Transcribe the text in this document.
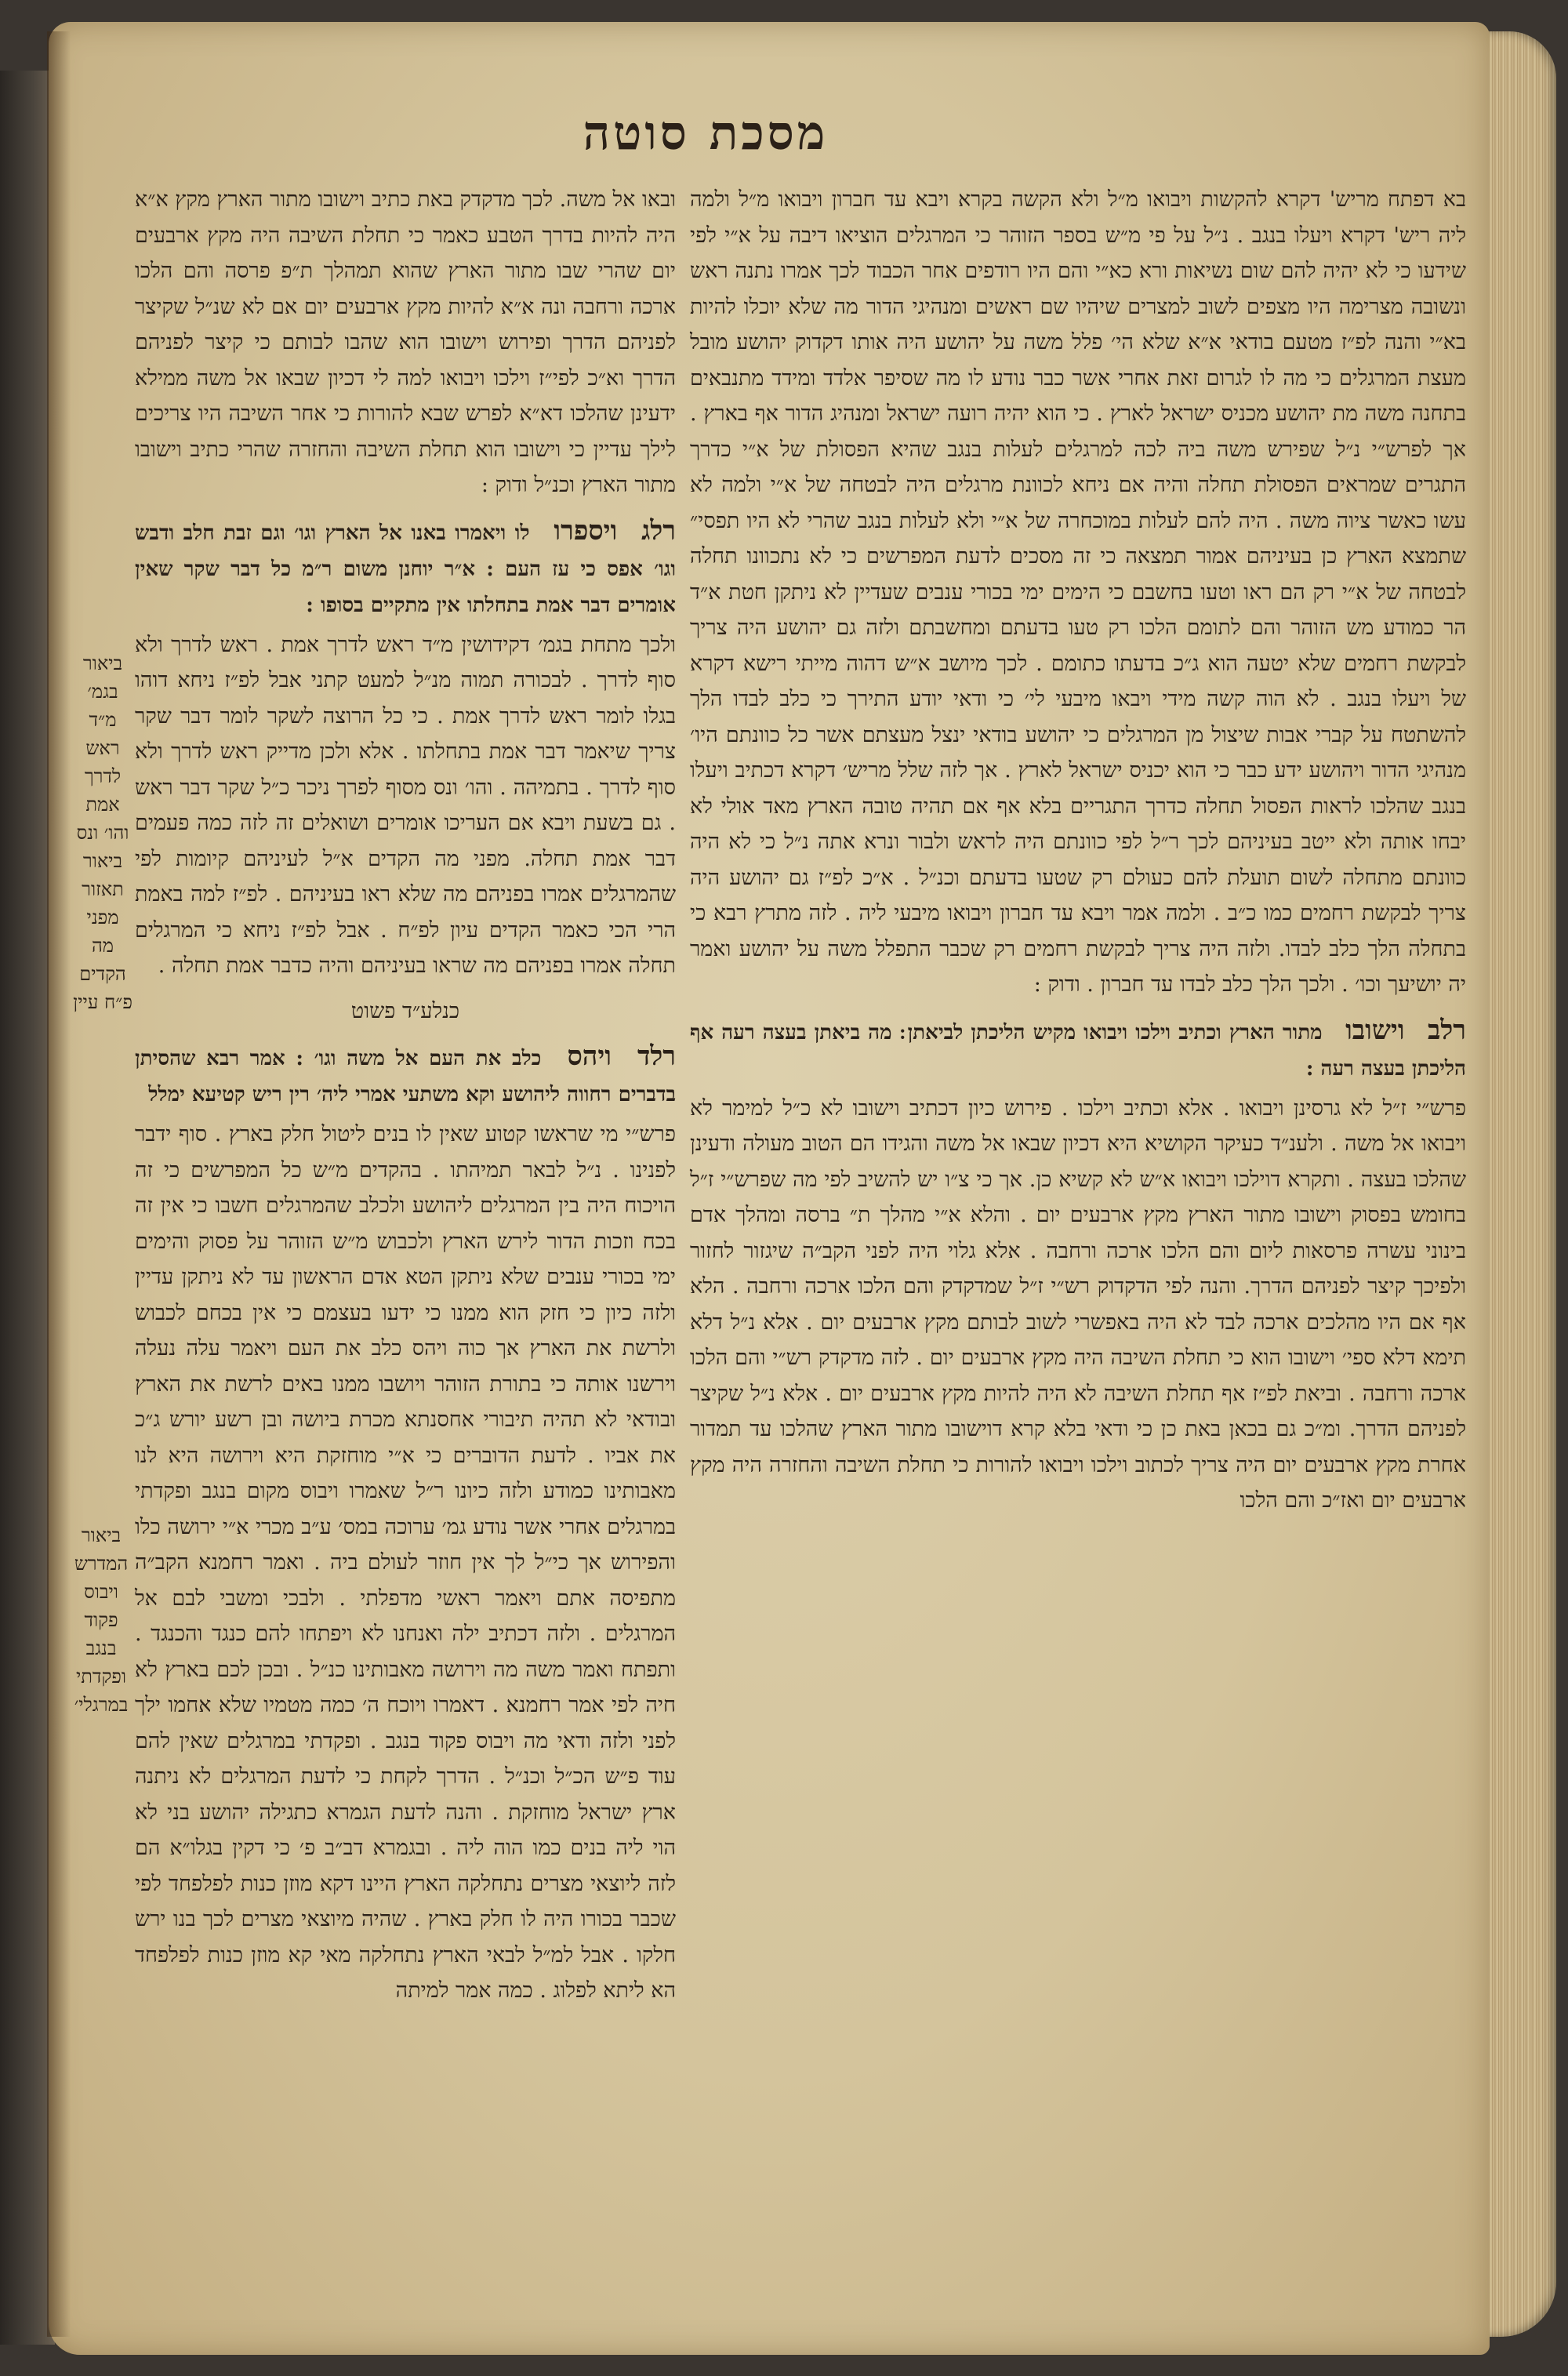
מסכת סוטה

בא דפתח מריש' דקרא להקשות ויבואו מ״ל ולא הקשה בקרא ויבא עד חברון ויבואו מ״ל ולמה ליה ריש' דקרא ויעלו בנגב . נ״ל על פי מ״ש בספר הזוהר כי המרגלים הוציאו דיבה על א״י לפי שידעו כי לא יהיה להם שום נשיאות ורא כא״י והם היו רודפים אחר הכבוד לכך אמרו נתנה ראש ונשובה מצרימה היו מצפים לשוב למצרים שיהיו שם ראשים ומנהיגי הדור מה שלא יוכלו להיות בא״י והנה לפ״ז מטעם בודאי א״א שלא הי׳ פלל משה על יהושע היה אותו דקדוק יהושע מובל מעצת המרגלים כי מה לו לגרום זאת אחרי אשר כבר נודע לו מה שסיפר אלדד ומידד מתנבאים בתחנה משה מת יהושע מכניס ישראל לארץ . כי הוא יהיה רועה ישראל ומנהיג הדור אף בארץ . אך לפרש״י נ״ל שפירש משה ביה לכה למרגלים לעלות בנגב שהיא הפסולת של א״י כדרך התגרים שמראים הפסולת תחלה והיה אם ניחא לכוונת מרגלים היה לבטחה של א״י ולמה לא עשו כאשר ציוה משה . היה להם לעלות במוכחרה של א״י ולא לעלות בנגב שהרי לא היו תפסי״ שתמצא הארץ כן בעיניהם אמור תמצאה כי זה מסכים לדעת המפרשים כי לא נתכוונו תחלה לבטחה של א״י רק הם ראו וטעו בחשבם כי הימים ימי בכורי ענבים שעדיין לא ניתקן חטת א״ד הר כמודע מש הזוהר והם לתומם הלכו רק טעו בדעתם ומחשבתם ולזה גם יהושע היה צריך לבקשת רחמים שלא יטעה הוא ג״כ בדעתו כתומם . לכך מיושב א״ש דהוה מייתי רישא דקרא של ויעלו בנגב . לא הוה קשה מידי ויבאו מיבעי לי׳ כי ודאי יודע התירך כי כלב לבדו הלך להשתטח על קברי אבות שיצול מן המרגלים כי יהושע בודאי ינצל מעצתם אשר כל כוונתם היו׳ מנהיגי הדור ויהושע ידע כבר כי הוא יכניס ישראל לארץ . אך לזה שלל מריש׳ דקרא דכתיב ויעלו בנגב שהלכו לראות הפסול תחלה כדרך התגריים בלא אף אם תהיה טובה הארץ מאד אולי לא יבחו אותה ולא ייטב בעיניהם לכך ר״ל לפי כוונתם היה לראש ולבור ונרא אתה נ״ל כי לא היה כוונתם מתחלה לשום תועלת להם כעולם רק שטעו בדעתם וכנ״ל . א״כ לפ״ז גם יהושע היה צריך לבקשת רחמים כמו כ״ב . ולמה אמר ויבא עד חברון ויבואו מיבעי ליה . לזה מתרץ רבא כי בתחלה הלך כלב לבדו. ולזה היה צריך לבקשת רחמים רק שכבר התפלל משה על יהושע ואמר יה יושיעך וכו׳ . ולכך הלך כלב לבדו עד חברון . ודוק :

רלב וישובו מתור הארץ וכתיב וילכו ויבואו מקיש הליכתן לביאתן ׃ מה ביאתן בעצה רעה אף הליכתן בעצה רעה :

פרש״י ז״ל לא גרסינן ויבואו . אלא וכתיב וילכו . פירוש כיון דכתיב וישובו לא כ״ל למימר לא ויבואו אל משה . ולענ״ד כעיקר הקושיא היא דכיון שבאו אל משה והגידו הם הטוב מעולה ודעינן שהלכו בעצה . ותקרא דוילכו ויבואו א״ש לא קשיא כן. אך כי צ״ו יש להשיב לפי מה שפרש״י ז״ל בחומש בפסוק וישובו מתור הארץ מקץ ארבעים יום . והלא א״י מהלך ת״ ברסה ומהלך אדם בינוני עשרה פרסאות ליום והם הלכו ארכה ורחבה . אלא גלוי היה לפני הקב״ה שיגזור לחזור ולפיכך קיצר לפניהם הדרך. והנה לפי הדקדוק רש״י ז״ל שמדקדק והם הלכו ארכה ורחבה . הלא אף אם היו מהלכים ארכה לבד לא היה באפשרי לשוב לבותם מקץ ארבעים יום . אלא נ״ל דלא תימא דלא ספי׳ וישובו הוא כי תחלת השיבה היה מקץ ארבעים יום . לזה מדקדק רש״י והם הלכו ארכה ורחבה . וביאת לפ״ז אף תחלת השיבה לא היה להיות מקץ ארבעים יום . אלא נ״ל שקיצר לפניהם הדרך. ומ״כ גם בכאן באת כן כי ודאי בלא קרא דוישובו מתור הארץ שהלכו עד תמדור אחרת מקץ ארבעים יום היה צריך לכתוב וילכו ויבואו להורות כי תחלת השיבה והחזרה היה מקץ ארבעים יום ואז״כ והם הלכו

ובאו אל משה. לכך מדקדק באת כתיב וישובו מתור הארץ מקץ א״א היה להיות בדרך הטבע כאמר כי תחלת השיבה היה מקץ ארבעים יום שהרי שבו מתור הארץ שהוא תמהלך ת״פ פרסה והם הלכו ארכה ורחבה ונה א״א להיות מקץ ארבעים יום אם לא שנ״ל שקיצר לפניהם הדרך ופירוש וישובו הוא שהבו לבותם כי קיצר לפניהם הדרך וא״כ לפי״ז וילכו ויבואו למה לי דכיון שבאו אל משה ממילא ידעינן שהלכו דא״א לפרש שבא להורות כי אחר השיבה היו צריכים לילך עדיין כי וישובו הוא תחלת השיבה והחזרה שהרי כתיב וישובו מתור הארץ וכנ״ל ודוק :

רלג ויספרו לו ויאמרו באנו אל הארץ וגו׳ וגם זבת חלב ודבש וגו׳ אפס כי עז העם : א״ר יוחנן משום ר״מ כל דבר שקר שאין אומרים דבר אמת בתחלתו אין מתקיים בסופו :

ולכך מתחת בגמ׳ דקידושין מ״ד ראש לדרך אמת . ראש לדרך ולא סוף לדרך . לבכורה תמוה מנ״ל למעט קתני אבל לפ״ז ניחא דוהו בגלו לומר ראש לדרך אמת . כי כל הרוצה לשקר לומר דבר שקר צריך שיאמר דבר אמת בתחלתו . אלא ולכן מדייק ראש לדרך ולא סוף לדרך . בתמיהה . והו׳ ונס מסוף לפרך ניכר כ״ל שקר דבר ראש . גם בשעת ויבא אם העריכו אומרים ושואלים זה לזה כמה פעמים דבר אמת תחלה. מפני מה הקדים א״ל לעיניהם קיומות לפי שהמרגלים אמרו בפניהם מה שלא ראו בעיניהם . לפ״ז למה באמת הרי הכי כאמר הקדים עיון לפ״ח . אבל לפ״ז ניחא כי המרגלים תחלה אמרו בפניהם מה שראו בעיניהם והיה כדבר אמת תחלה .

כנלע״ד פשוט
רלד ויהס כלב את העם אל משה וגו׳ : אמר רבא שהסיתן בדברים רחווה ליהושע וקא משתעי אמרי ליה׳ רין ריש קטיעא ימלל

פרש״י מי שראשו קטוע שאין לו בנים ליטול חלק בארץ . סוף ידבר לפנינו . נ״ל לבאר תמיהתו . בהקדים מ״ש כל המפרשים כי זה הויכוח היה בין המרגלים ליהושע ולכלב שהמרגלים חשבו כי אין זה בכח וזכות הדור לירש הארץ ולכבוש מ״ש הזוהר על פסוק והימים ימי בכורי ענבים שלא ניתקן הטא אדם הראשון עד לא ניתקן עדיין ולזה כיון כי חזק הוא ממנו כי ידעו בעצמם כי אין בכחם לכבוש ולרשת את הארץ אך כוה ויהס כלב את העם ויאמר עלה נעלה וירשנו אותה כי בתורת הזוהר ויושבו ממנו באים לרשת את הארץ ובודאי לא תהיה תיבורי אחסנתא מכרת ביושה ובן רשע יורש ג״כ את אביו . לדעת הדוברים כי א״י מוחזקת היא וירושה היא לנו מאבותינו כמודע ולזה כיונו ר״ל שאמרו ויבוס מקום בנגב ופקדתי במרגלים אחרי אשר נודע גמ׳ ערוכה במס׳ ע״ב מכרי א״י ירושה כלו והפירוש אך כי״ל לך אין חוזר לעולם ביה . ואמר רחמנא הקב״ה מתפיסה אתם ויאמר ראשי מדפלתי . ולבכי ומשבי לבם אל המרגלים . ולזה דכתיב ילה ואנחנו לא ויפתחו להם כנגד והכנגד . ותפתח ואמר משה מה וירושה מאבותינו כנ״ל . ובכן לכם בארץ לא חיה לפי אמר רחמנא . דאמרו ויוכח ה׳ כמה מטמיו שלא אחמו ילך לפני ולזה ודאי מה ויבוס פקוד בנגב . ופקדתי במרגלים שאין להם עוד פ״ש הכ״ל וכנ״ל . הדרך לקחת כי לדעת המרגלים לא ניתנה ארץ ישראל מוחזקת . והנה לדעת הגמרא כתגילה יהושע בני לא הוי ליה בנים כמו הוה ליה . ובגמרא דב״ב פ׳ כי דקין בגלו״א הם לזה ליוצאי מצרים נתחלקה הארץ היינו דקא מוזן כנות לפלפחד לפי שכבר בכורו היה לו חלק בארץ . שהיה מיוצאי מצרים לכך בנו ירש חלקו . אבל למ״ל לבאי הארץ נתחלקה מאי קא מוזן כנות לפלפחד הא ליתא לפלוג . כמה אמר למיתה

ביאור
בגמ׳
מ״ד ראש
לדרך
אמת
והו׳ ונס
ביאור
תאזור
מפני
מה
הקדים
פ״ח עיין
ביאור
המדרש
ויבוס
פקוד
בנגב
ופקדתי
במרגלי׳
